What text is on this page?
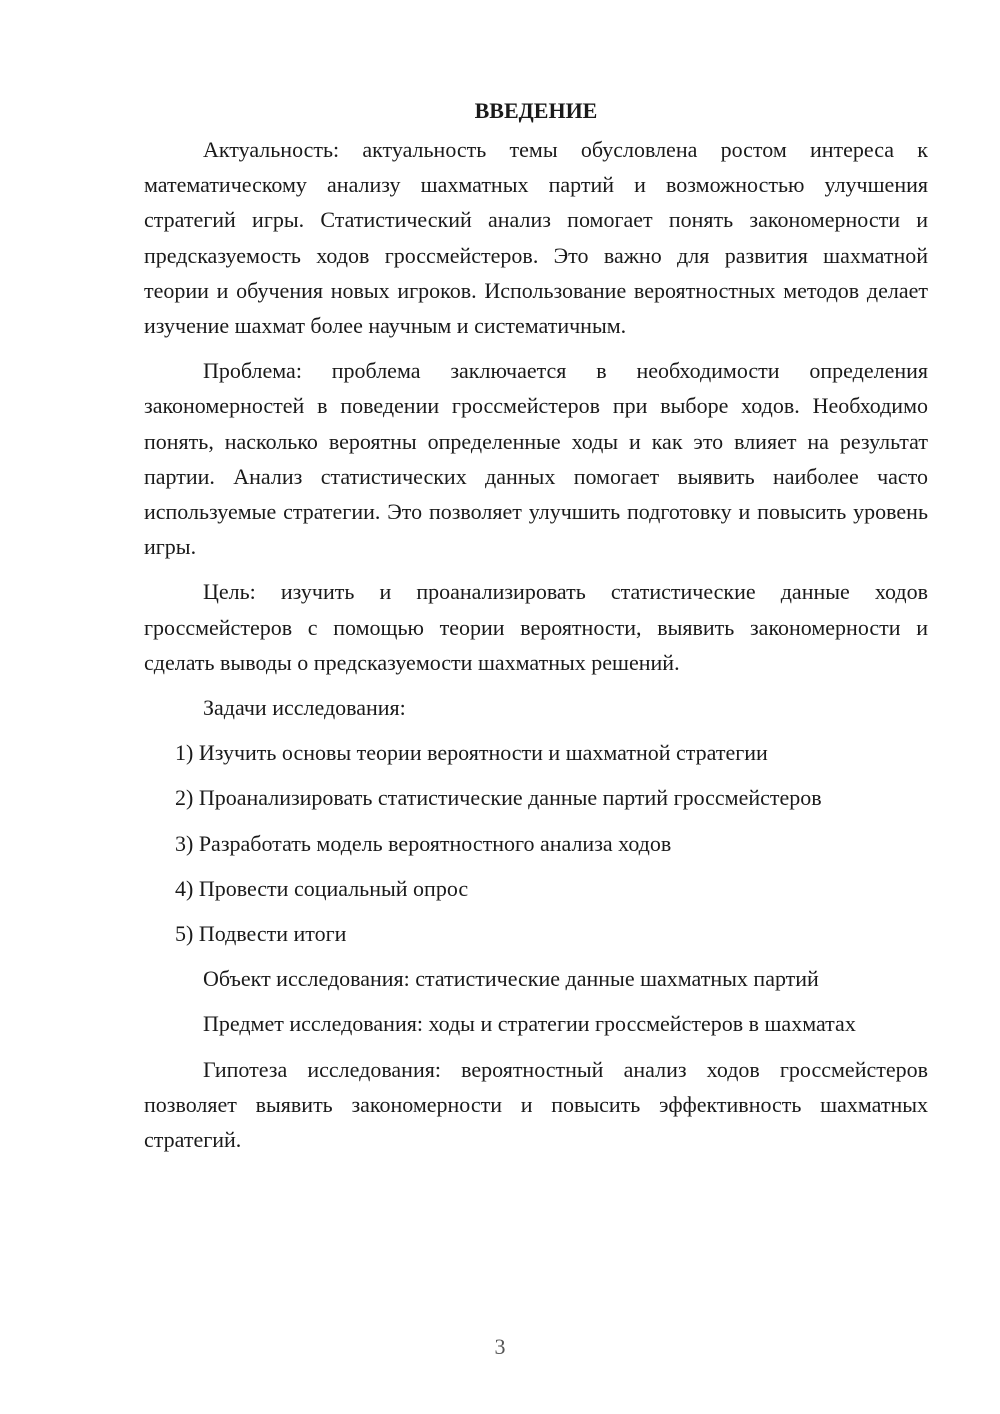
ВВЕДЕНИЕ

Актуальность: актуальность темы обусловлена ростом интереса к математическому анализу шахматных партий и возможностью улучшения стратегий игры. Статистический анализ помогает понять закономерности и предсказуемость ходов гроссмейстеров. Это важно для развития шахматной теории и обучения новых игроков. Использование вероятностных методов делает изучение шахмат более научным и систематичным.

Проблема: проблема заключается в необходимости определения закономерностей в поведении гроссмейстеров при выборе ходов. Необходимо понять, насколько вероятны определенные ходы и как это влияет на результат партии. Анализ статистических данных помогает выявить наиболее часто используемые стратегии. Это позволяет улучшить подготовку и повысить уровень игры.

Цель: изучить и проанализировать статистические данные ходов гроссмейстеров с помощью теории вероятности, выявить закономерности и сделать выводы о предсказуемости шахматных решений.

Задачи исследования:

1) Изучить основы теории вероятности и шахматной стратегии
2) Проанализировать статистические данные партий гроссмейстеров
3) Разработать модель вероятностного анализа ходов
4) Провести социальный опрос
5) Подвести итоги

Объект исследования: статистические данные шахматных партий

Предмет исследования: ходы и стратегии гроссмейстеров в шахматах

Гипотеза исследования: вероятностный анализ ходов гроссмейстеров позволяет выявить закономерности и повысить эффективность шахматных стратегий.

3
